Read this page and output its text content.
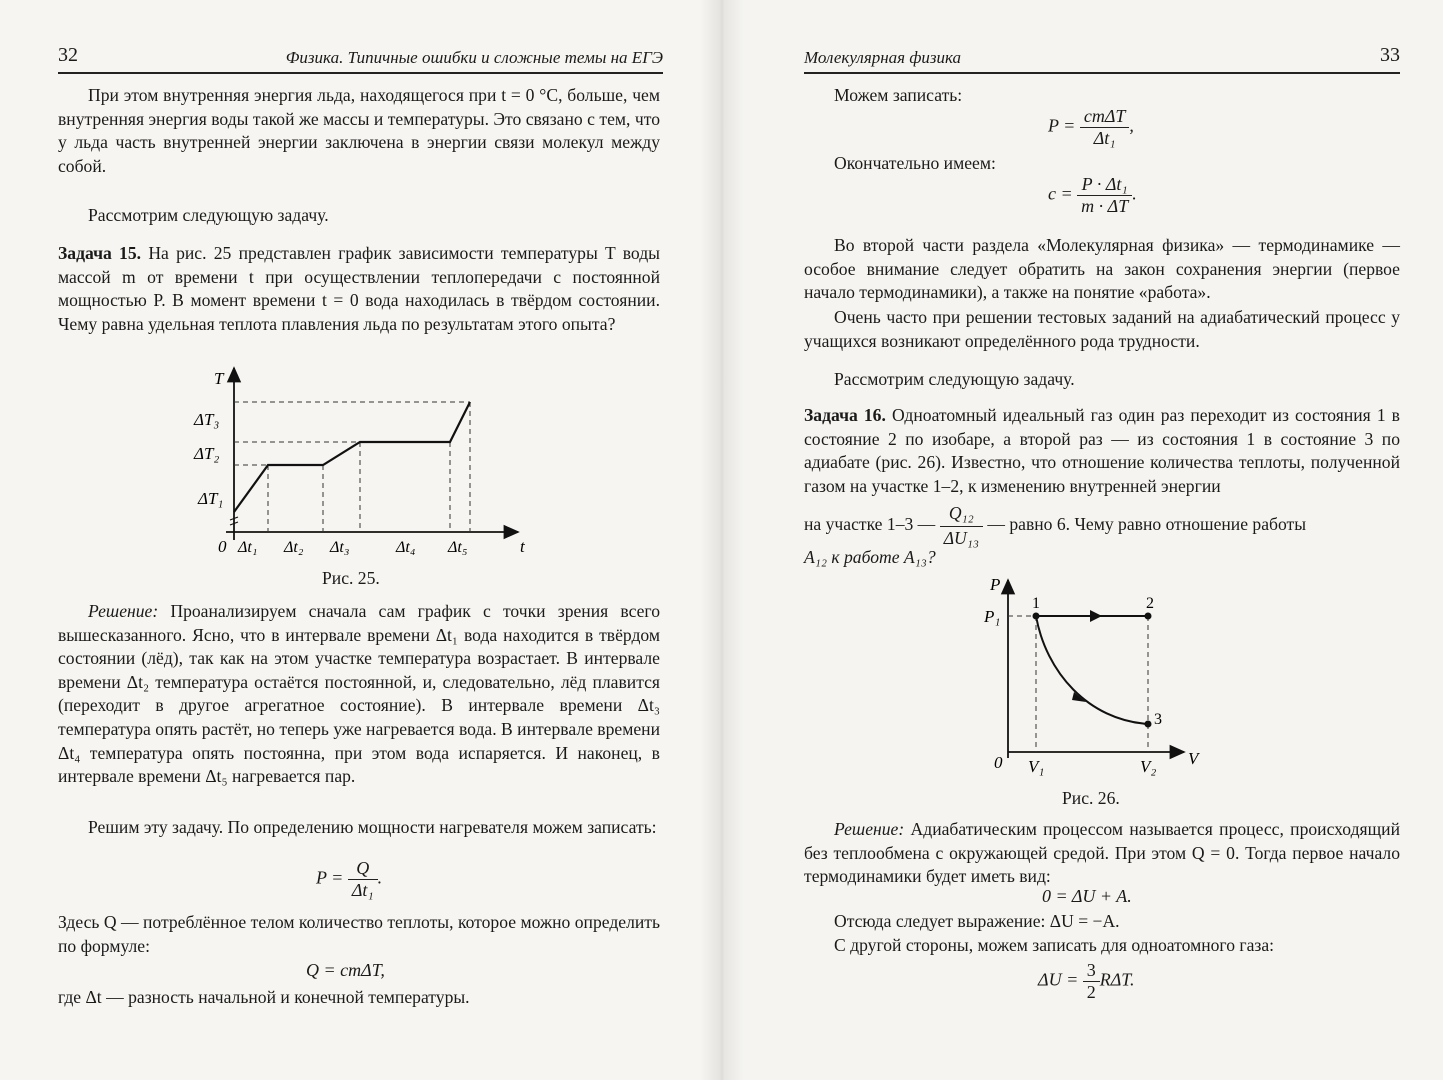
32	Физика. Типичные ошибки и сложные темы на ЕГЭ
При этом внутренняя энергия льда, находящегося при t = 0 °C, больше, чем внутренняя энергия воды такой же массы и температуры. Это связано с тем, что у льда часть внутренней энергии заключена в энергии связи молекул между собой.
Рассмотрим следующую задачу.
Задача 15. На рис. 25 представлен график зависимости температуры T воды массой m от времени t при осуществлении теплопередачи с постоянной мощностью P. В момент времени t = 0 вода находилась в твёрдом состоянии. Чему равна удельная теплота плавления льда по результатам этого опыта?
T
t
0
ΔT₃
ΔT₂
ΔT₁
Δt₁ Δt₂ Δt₃	Δt₄ Δt₅
Рис. 25.
Решение: Проанализируем сначала сам график с точки зрения всего вышесказанного. Ясно, что в интервале времени Δt₁ вода находится в твёрдом состоянии (лёд), так как на этом участке температура возрастает. В интервале времени Δt₂ температура остаётся постоянной, и, следовательно, лёд плавится (переходит в другое агрегатное состояние). В интервале времени Δt₃ температура опять растёт, но теперь уже нагревается вода. В интервале времени Δt₄ температура опять постоянна, при этом вода испаряется. И наконец, в интервале времени Δt₅ нагревается пар.
Решим эту задачу. По определению мощности нагревателя можем записать:
$P = \frac{Q}{\text{Δt₁}}$ .
Здесь Q — потреблённое телом количество теплоты, которое можно определить по формуле:
Q = cmΔT,
где Δt — разность начальной и конечной температуры.
Молекулярная физика	33
Можем записать:
$P = \frac{\text{cmΔT}}{\text{Δt₁}}$ ,
Окончательно имеем:
$c = \frac{\text{P · Δt₁}}{m \cdot \Delta T}$ .
Во второй части раздела «Молекулярная физика» — термодинамике — особое внимание следует обратить на закон сохранения энергии (первое начало термодинамики), а также на понятие «работа».
Очень часто при решении тестовых заданий на адиабатический процесс у учащихся возникают определённого рода трудности.
Рассмотрим следующую задачу.
Задача 16. Одноатомный идеальный газ один раз переходит из состояния 1 в состояние 2 по изобаре, а второй раз — из состояния 1 в состояние 3 по адиабате (рис. 26). Известно, что отношение количества теплоты, полученной газом на участке 1–2, к изменению внутренней энергии
на участке 1–3 — $\frac{\text{Q₁₂}}{\text{ΔU₁₃}}$ — равно 6. Чему равно отношение работы
A₁₂ к работе A₁₃?
P
P₁
V
0 V₁	V₂
1	2
3
Рис. 26.
Решение: Адиабатическим процессом называется процесс, происходящий без теплообмена с окружающей средой. При этом Q = 0. Тогда первое начало термодинамики будет иметь вид:
0 = ΔU + A.
Отсюда следует выражение: ΔU = −A.
С другой стороны, можем записать для одноатомного газа:
$\Delta U = \frac{3}{2} R\Delta T$.
